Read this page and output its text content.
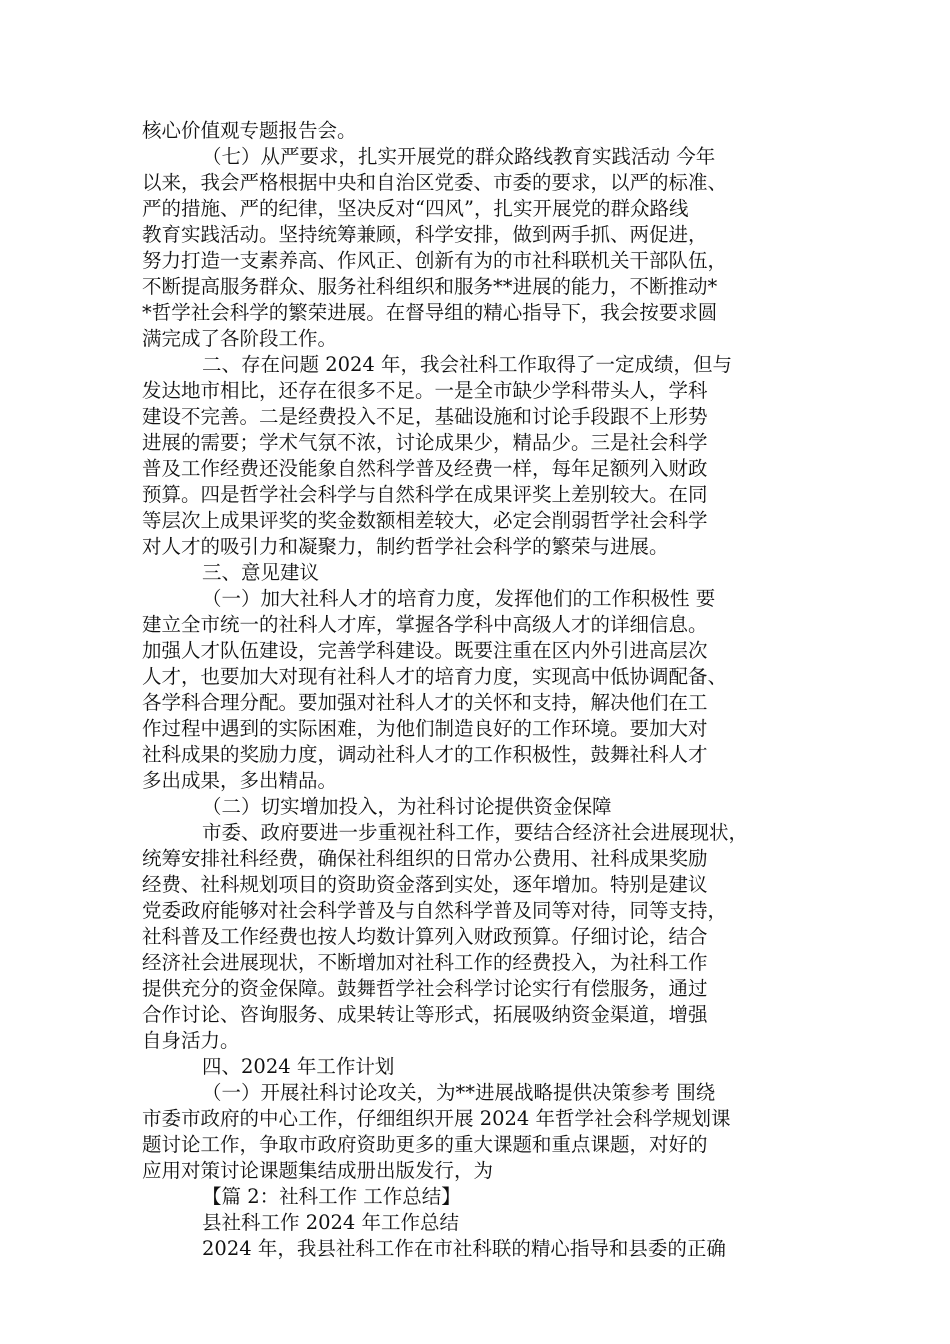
核心价值观专题报告会。
（七）从严要求，扎实开展党的群众路线教育实践活动 今年
以来，我会严格根据中央和自治区党委、市委的要求，以严的标准、
严的措施、严的纪律，坚决反对“四风”，扎实开展党的群众路线
教育实践活动。坚持统筹兼顾，科学安排，做到两手抓、两促进，
努力打造一支素养高、作风正、创新有为的市社科联机关干部队伍，
不断提高服务群众、服务社科组织和服务**进展的能力，不断推动*
*哲学社会科学的繁荣进展。在督导组的精心指导下，我会按要求圆
满完成了各阶段工作。
二、存在问题 2024 年，我会社科工作取得了一定成绩，但与
发达地市相比，还存在很多不足。一是全市缺少学科带头人，学科
建设不完善。二是经费投入不足，基础设施和讨论手段跟不上形势
进展的需要；学术气氛不浓，讨论成果少，精品少。三是社会科学
普及工作经费还没能象自然科学普及经费一样，每年足额列入财政
预算。四是哲学社会科学与自然科学在成果评奖上差别较大。在同
等层次上成果评奖的奖金数额相差较大，必定会削弱哲学社会科学
对人才的吸引力和凝聚力，制约哲学社会科学的繁荣与进展。
三、意见建议
（一）加大社科人才的培育力度，发挥他们的工作积极性 要
建立全市统一的社科人才库，掌握各学科中高级人才的详细信息。
加强人才队伍建设，完善学科建设。既要注重在区内外引进高层次
人才，也要加大对现有社科人才的培育力度，实现高中低协调配备、
各学科合理分配。要加强对社科人才的关怀和支持，解决他们在工
作过程中遇到的实际困难，为他们制造良好的工作环境。要加大对
社科成果的奖励力度，调动社科人才的工作积极性，鼓舞社科人才
多出成果，多出精品。
（二）切实增加投入，为社科讨论提供资金保障
市委、政府要进一步重视社科工作，要结合经济社会进展现状，
统筹安排社科经费，确保社科组织的日常办公费用、社科成果奖励
经费、社科规划项目的资助资金落到实处，逐年增加。特别是建议
党委政府能够对社会科学普及与自然科学普及同等对待，同等支持，
社科普及工作经费也按人均数计算列入财政预算。仔细讨论，结合
经济社会进展现状，不断增加对社科工作的经费投入，为社科工作
提供充分的资金保障。鼓舞哲学社会科学讨论实行有偿服务，通过
合作讨论、咨询服务、成果转让等形式，拓展吸纳资金渠道，增强
自身活力。
四、2024 年工作计划
（一）开展社科讨论攻关，为**进展战略提供决策参考 围绕
市委市政府的中心工作，仔细组织开展 2024 年哲学社会科学规划课
题讨论工作，争取市政府资助更多的重大课题和重点课题，对好的
应用对策讨论课题集结成册出版发行，为
【篇 2：社科工作 工作总结】
县社科工作 2024 年工作总结
2024 年，我县社科工作在市社科联的精心指导和县委的正确
